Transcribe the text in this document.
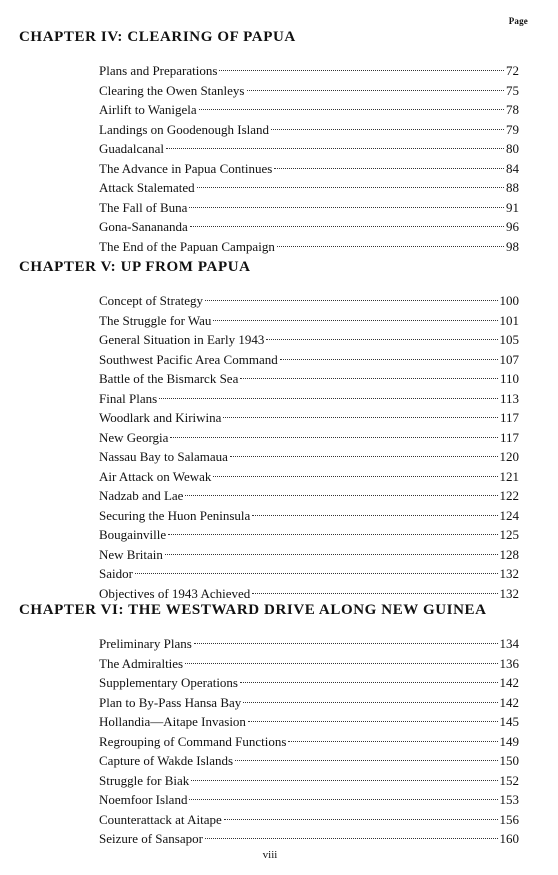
Page
CHAPTER IV: CLEARING OF PAPUA
Plans and Preparations	72
Clearing the Owen Stanleys	75
Airlift to Wanigela	78
Landings on Goodenough Island	79
Guadalcanal	80
The Advance in Papua Continues	84
Attack Stalemated	88
The Fall of Buna	91
Gona-Sanananda	96
The End of the Papuan Campaign	98
CHAPTER V: UP FROM PAPUA
Concept of Strategy	100
The Struggle for Wau	101
General Situation in Early 1943	105
Southwest Pacific Area Command	107
Battle of the Bismarck Sea	110
Final Plans	113
Woodlark and Kiriwina	117
New Georgia	117
Nassau Bay to Salamaua	120
Air Attack on Wewak	121
Nadzab and Lae	122
Securing the Huon Peninsula	124
Bougainville	125
New Britain	128
Saidor	132
Objectives of 1943 Achieved	132
CHAPTER VI: THE WESTWARD DRIVE ALONG NEW GUINEA
Preliminary Plans	134
The Admiralties	136
Supplementary Operations	142
Plan to By-Pass Hansa Bay	142
Hollandia—Aitape Invasion	145
Regrouping of Command Functions	149
Capture of Wakde Islands	150
Struggle for Biak	152
Noemfoor Island	153
Counterattack at Aitape	156
Seizure of Sansapor	160
viii
